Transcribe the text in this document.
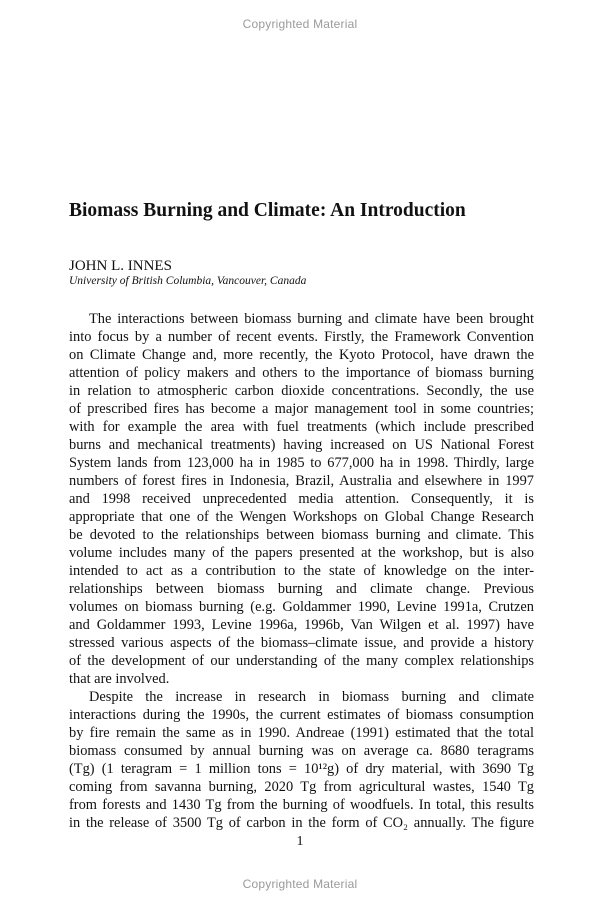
Copyrighted Material
Biomass Burning and Climate: An Introduction
JOHN L. INNES
University of British Columbia, Vancouver, Canada
The interactions between biomass burning and climate have been brought
into focus by a number of recent events. Firstly, the Framework Convention
on Climate Change and, more recently, the Kyoto Protocol, have drawn the
attention of policy makers and others to the importance of biomass burning
in relation to atmospheric carbon dioxide concentrations. Secondly, the use
of prescribed fires has become a major management tool in some countries;
with for example the area with fuel treatments (which include prescribed
burns and mechanical treatments) having increased on US National Forest
System lands from 123,000 ha in 1985 to 677,000 ha in 1998. Thirdly, large
numbers of forest fires in Indonesia, Brazil, Australia and elsewhere in 1997
and 1998 received unprecedented media attention. Consequently, it is
appropriate that one of the Wengen Workshops on Global Change Research
be devoted to the relationships between biomass burning and climate. This
volume includes many of the papers presented at the workshop, but is also
intended to act as a contribution to the state of knowledge on the inter-
relationships between biomass burning and climate change. Previous
volumes on biomass burning (e.g. Goldammer 1990, Levine 1991a, Crutzen
and Goldammer 1993, Levine 1996a, 1996b, Van Wilgen et al. 1997) have
stressed various aspects of the biomass–climate issue, and provide a history
of the development of our understanding of the many complex relationships
that are involved.
Despite the increase in research in biomass burning and climate
interactions during the 1990s, the current estimates of biomass consumption
by fire remain the same as in 1990. Andreae (1991) estimated that the total
biomass consumed by annual burning was on average ca. 8680 teragrams
(Tg) (1 teragram = 1 million tons = 10¹²g) of dry material, with 3690 Tg
coming from savanna burning, 2020 Tg from agricultural wastes, 1540 Tg
from forests and 1430 Tg from the burning of woodfuels. In total, this results
in the release of 3500 Tg of carbon in the form of CO₂ annually. The figure
1
Copyrighted Material
